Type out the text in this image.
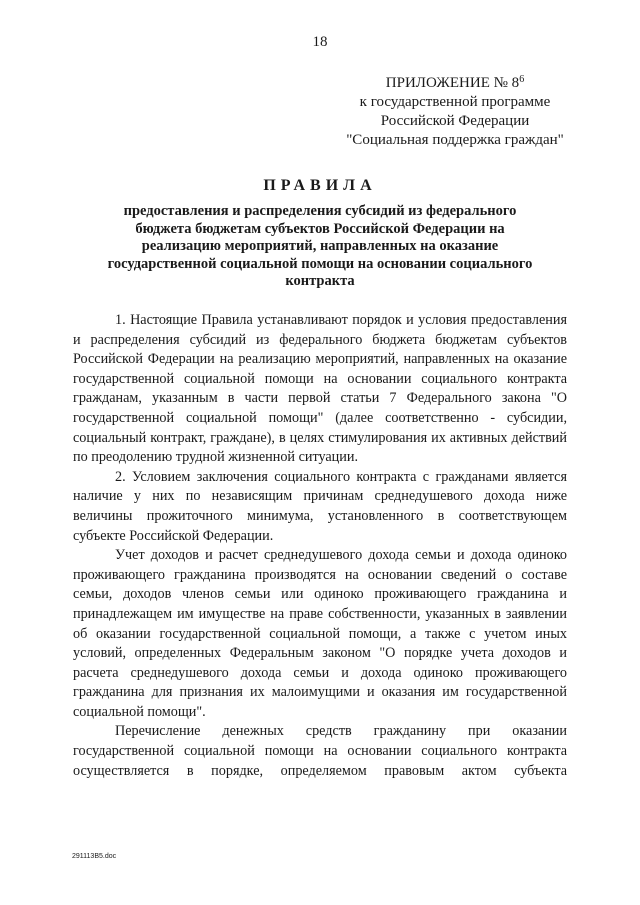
18
ПРИЛОЖЕНИЕ № $8^6$
к государственной программе
Российской Федерации
"Социальная поддержка граждан"
ПРАВИЛА
предоставления и распределения субсидий из федерального бюджета бюджетам субъектов Российской Федерации на реализацию мероприятий, направленных на оказание государственной социальной помощи на основании социального контракта

1. Настоящие Правила устанавливают порядок и условия предоставления и распределения субсидий из федерального бюджета бюджетам субъектов Российской Федерации на реализацию мероприятий, направленных на оказание государственной социальной помощи на основании социального контракта гражданам, указанным в части первой статьи 7 Федерального закона "О государственной социальной помощи" (далее соответственно - субсидии, социальный контракт, граждане), в целях стимулирования их активных действий по преодолению трудной жизненной ситуации.

2. Условием заключения социального контракта с гражданами является наличие у них по независящим причинам среднедушевого дохода ниже величины прожиточного минимума, установленного в соответствующем субъекте Российской Федерации.

Учет доходов и расчет среднедушевого дохода семьи и дохода одиноко проживающего гражданина производятся на основании сведений о составе семьи, доходов членов семьи или одиноко проживающего гражданина и принадлежащем им имуществе на праве собственности, указанных в заявлении об оказании государственной социальной помощи, а также с учетом иных условий, определенных Федеральным законом "О порядке учета доходов и расчета среднедушевого дохода семьи и дохода одиноко проживающего гражданина для признания их малоимущими и оказания им государственной социальной помощи".

Перечисление денежных средств гражданину при оказании государственной социальной помощи на основании социального контракта осуществляется в порядке, определяемом правовым актом субъекта

291113В5.doc
